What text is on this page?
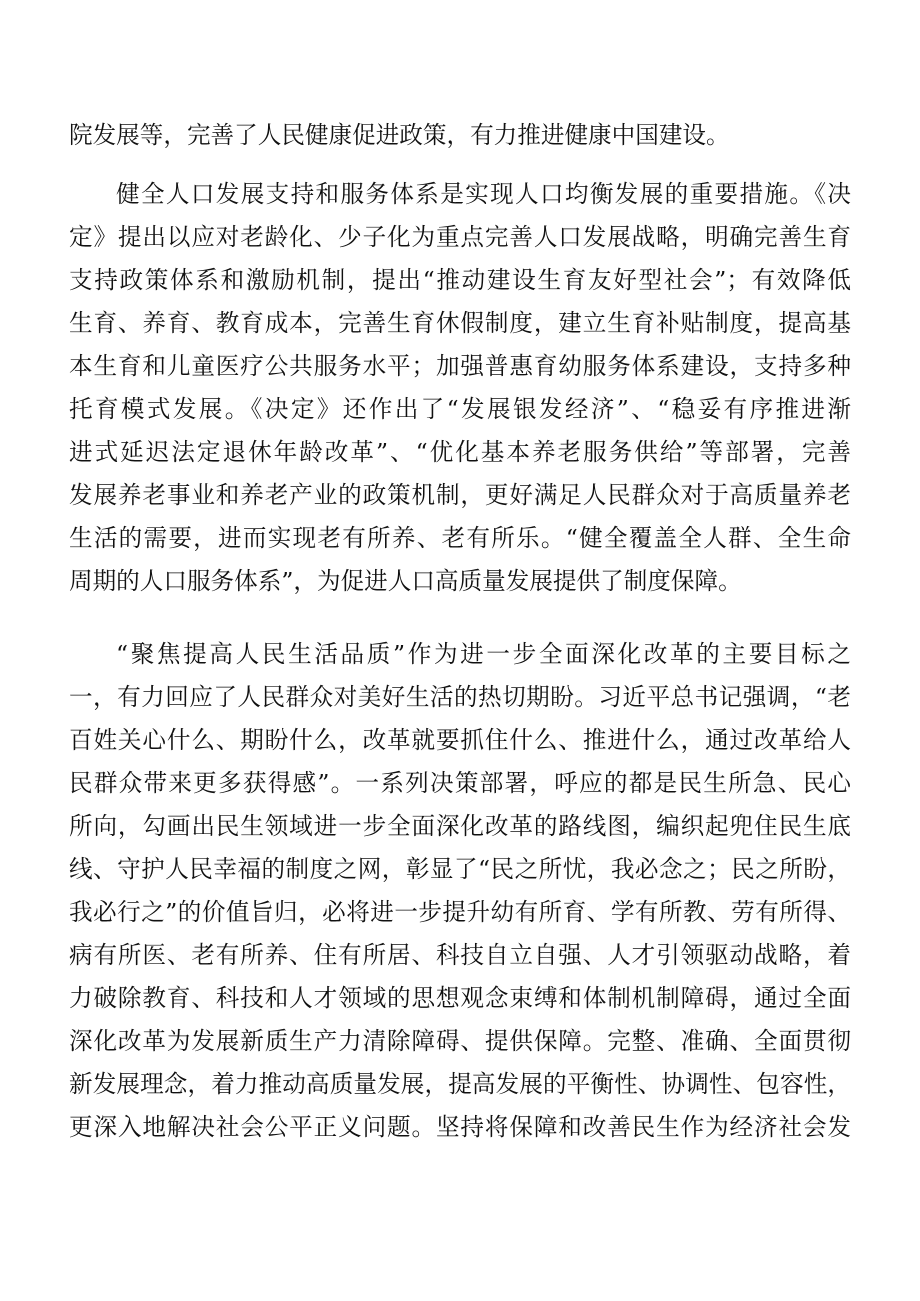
院发展等，完善了人民健康促进政策，有力推进健康中国建设。
健全人口发展支持和服务体系是实现人口均衡发展的重要措施。《决
定》提出以应对老龄化、少子化为重点完善人口发展战略，明确完善生育
支持政策体系和激励机制，提出“推动建设生育友好型社会”；有效降低
生育、养育、教育成本，完善生育休假制度，建立生育补贴制度，提高基
本生育和儿童医疗公共服务水平；加强普惠育幼服务体系建设，支持多种
托育模式发展。《决定》还作出了“发展银发经济”、“稳妥有序推进渐
进式延迟法定退休年龄改革”、“优化基本养老服务供给”等部署，完善
发展养老事业和养老产业的政策机制，更好满足人民群众对于高质量养老
生活的需要，进而实现老有所养、老有所乐。“健全覆盖全人群、全生命
周期的人口服务体系”，为促进人口高质量发展提供了制度保障。
“聚焦提高人民生活品质”作为进一步全面深化改革的主要目标之
一，有力回应了人民群众对美好生活的热切期盼。习近平总书记强调，“老
百姓关心什么、期盼什么，改革就要抓住什么、推进什么，通过改革给人
民群众带来更多获得感”。一系列决策部署，呼应的都是民生所急、民心
所向，勾画出民生领域进一步全面深化改革的路线图，编织起兜住民生底
线、守护人民幸福的制度之网，彰显了“民之所忧，我必念之；民之所盼，
我必行之”的价值旨归，必将进一步提升幼有所育、学有所教、劳有所得、
病有所医、老有所养、住有所居、科技自立自强、人才引领驱动战略，着
力破除教育、科技和人才领域的思想观念束缚和体制机制障碍，通过全面
深化改革为发展新质生产力清除障碍、提供保障。完整、准确、全面贯彻
新发展理念，着力推动高质量发展，提高发展的平衡性、协调性、包容性，
更深入地解决社会公平正义问题。坚持将保障和改善民生作为经济社会发
